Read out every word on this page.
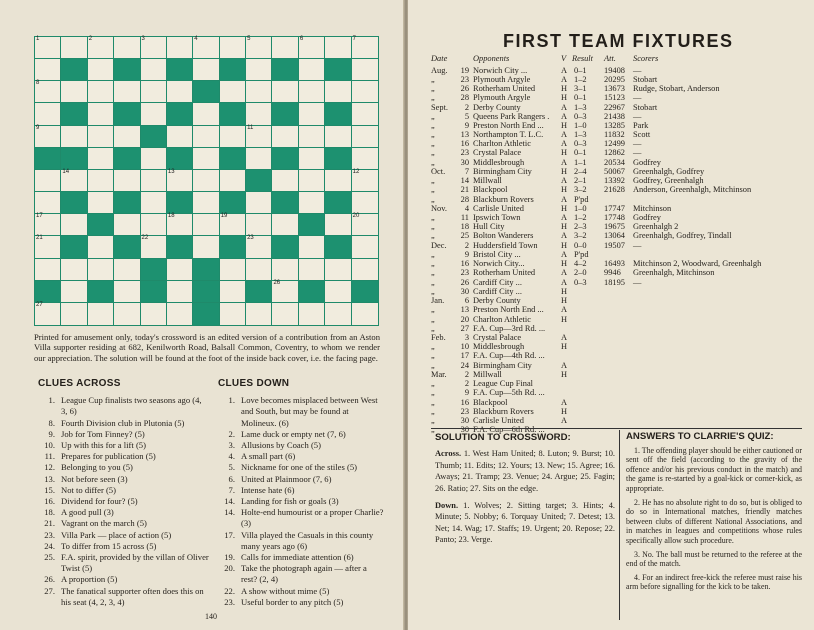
1	2	3	4	5	6	7
8
9	11
14	13	12
17	18	19	20
21	22	23
26
27
Printed for amusement only, today's crossword is an edited version of a contribution from an Aston Villa supporter residing at 682, Kenilworth Road, Balsall Common, Coventry, to whom we render our appreciation. The solution will be found at the foot of the inside back cover, i.e. the facing page.
CLUES ACROSS
1. League Cup finalists two seasons ago (4, 3, 6)
8. Fourth Division club in Plutonia (5)
9. Job for Tom Finney? (5)
10. Up with this for a lift (5)
11. Prepares for publication (5)
12. Belonging to you (5)
13. Not before seen (3)
15. Not to differ (5)
16. Dividend for four? (5)
18. A good pull (3)
21. Vagrant on the march (5)
23. Villa Park — place of action (5)
24. To differ from 15 across (5)
25. F.A. spirit, provided by the villan of Oliver Twist (5)
26. A proportion (5)
27. The fanatical supporter often does this on his seat (4, 2, 3, 4)
CLUES DOWN
1. Love becomes misplaced between West and South, but may be found at Molineux. (6)
2. Lame duck or empty net (7, 6)
3. Allusions by Coach (5)
4. A small part (6)
5. Nickname for one of the stiles (5)
6. United at Plainmoor (7, 6)
7. Intense hate (6)
14. Landing for fish or goals (3)
14. Holte-end humourist or a proper Charlie? (3)
17. Villa played the Casuals in this county many years ago (6)
19. Calls for immediate attention (6)
20. Take the photograph again — after a rest? (2, 4)
22. A show without mime (5)
23. Useful border to any pitch (5)
140
FIRST TEAM FIXTURES
Date	Opponents	V Result Att. Scorers
Aug.	19 Norwich City ...	A 0–1 19408 —
„	23 Plymouth Argyle	A 1–2 20295 Stobart
„	26 Rotherham United	H 3–1 13673 Rudge, Stobart, Anderson
„	28 Plymouth Argyle	H 0–1 15123 —
Sept.	2 Derby County	A 1–3 22967 Stobart
„	5 Queens Park Rangers . A 0–3 21438 —
„	9 Preston North End ... H 1–0 13285 Park
„	13 Northampton T. L.C. A 1–3 11832 Scott
„	16 Charlton Athletic	A 0–3 12499 —
„	23 Crystal Palace	H 0–1 12862 —
„	30 Middlesbrough	A 1–1 20534 Godfrey
Oct.	7 Birmingham City	H 2–4 50067 Greenhalgh, Godfrey
„	14 Millwall	A 2–1 13392 Godfrey, Greenhalgh
„	21 Blackpool	H 3–2 21628 Anderson, Greenhalgh, Mitchinson
„	28 Blackburn Rovers	A P'pd
Nov.	4 Carlisle United	H 1–0 17747 Mitchinson
„	11 Ipswich Town	A 1–2 17748 Godfrey
„	18 Hull City	H 2–3 19675 Greenhalgh 2
„	25 Bolton Wanderers	A 3–2 13064 Greenhalgh, Godfrey, Tindall
Dec.	2 Huddersfield Town	H 0–0 19507 —
„	9 Bristol City ...	A P'pd
„	16 Norwich City...	H 4–2 16493 Mitchinson 2, Woodward, Greenhalgh
„	23 Rotherham United	A 2–0 9946 Greenhalgh, Mitchinson
„	26 Cardiff City ...	A 0–3 18195 —
„	30 Cardiff City ...	H
Jan.	6 Derby County	H
„	13 Preston North End ... A
„	20 Charlton Athletic	H
„	27 F.A. Cup—3rd Rd. ...
Feb.	3 Crystal Palace	A
„	10 Middlesbrough	H
„	17 F.A. Cup—4th Rd. ...
„	24 Birmingham City	A
Mar.	2 Millwall	H
„	2 League Cup Final
„	9 F.A. Cup—5th Rd. ...
„	16 Blackpool	A
„	23 Blackburn Rovers	H
„	30 Carlisle United	A
„	30 F.A. Cup—6th Rd. ...
SOLUTION TO CROSSWORD:
Across. 1. West Ham United; 8. Luton; 9. Burst; 10. Thumb; 11. Edits; 12. Yours; 13. New; 15. Agree; 16. Aways; 21. Tramp; 23. Venue; 24. Argue; 25. Fagin; 26. Ratio; 27. Sits on the edge.
Down. 1. Wolves; 2. Sitting target; 3. Hints; 4. Minute; 5. Nobby; 6. Torquay United; 7. Detest; 13. Net; 14. Wag; 17. Staffs; 19. Urgent; 20. Repose; 22. Panto; 23. Verge.
ANSWERS TO CLARRIE'S QUIZ:
1. The offending player should be either cautioned or sent off the field (according to the gravity of the offence and/or his previous conduct in the match) and the game is re-started by a goal-kick or corner-kick, as appropriate.
2. He has no absolute right to do so, but is obliged to do so in International matches, friendly matches between clubs of different National Associations, and in matches in leagues and competitions whose rules specifically allow such procedure.
3. No. The ball must be returned to the referee at the end of the match.
4. For an indirect free-kick the referee must raise his arm before signalling for the kick to be taken.
